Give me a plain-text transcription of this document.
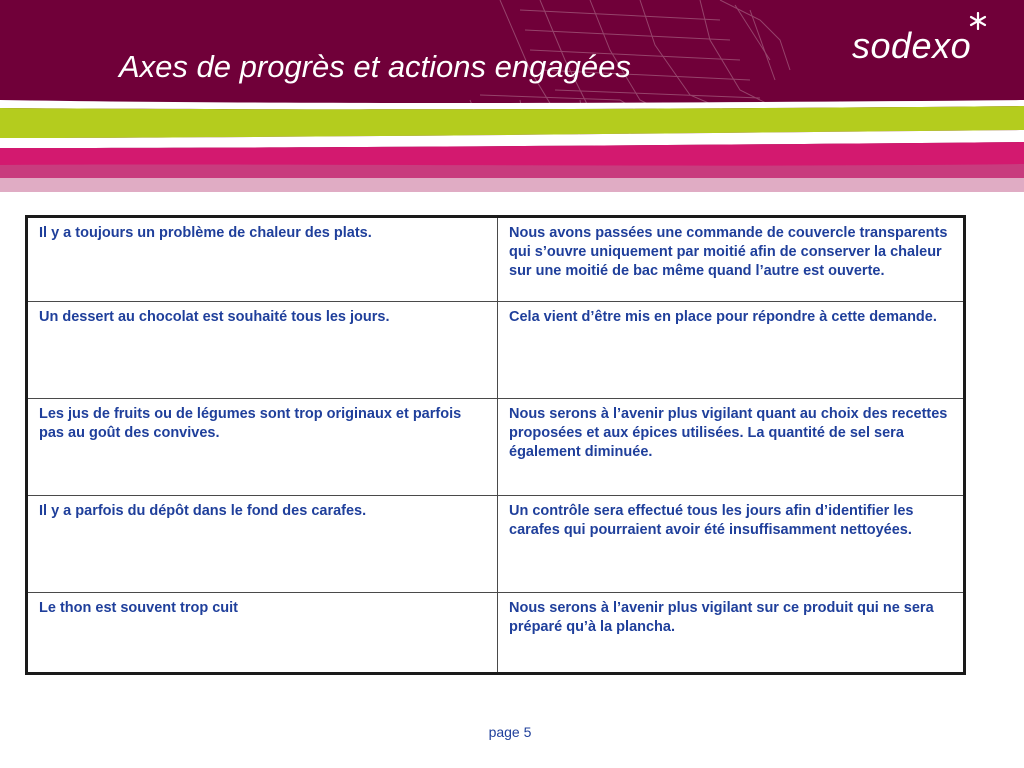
Axes de progrès et actions engagées
sodexo
Il y a toujours un problème de chaleur des plats.	Nous avons passées une commande de couvercle transparents qui s’ouvre uniquement par moitié afin de conserver la chaleur sur une moitié de bac même quand l’autre est ouverte.
Un dessert au chocolat est souhaité tous les jours.	Cela vient d’être mis en place pour répondre à cette demande.
Les jus de fruits ou de légumes sont trop originaux et parfois pas au goût des convives.	Nous serons à l’avenir plus vigilant quant au choix des recettes proposées et aux épices utilisées. La quantité de sel sera également diminuée.
Il y a parfois du dépôt dans le fond des carafes.	Un contrôle sera effectué tous les jours afin d’identifier les carafes qui pourraient avoir été insuffisamment nettoyées.
Le thon est souvent trop cuit	Nous serons à l’avenir plus vigilant sur ce produit qui ne sera préparé qu’à la plancha.
page 5
